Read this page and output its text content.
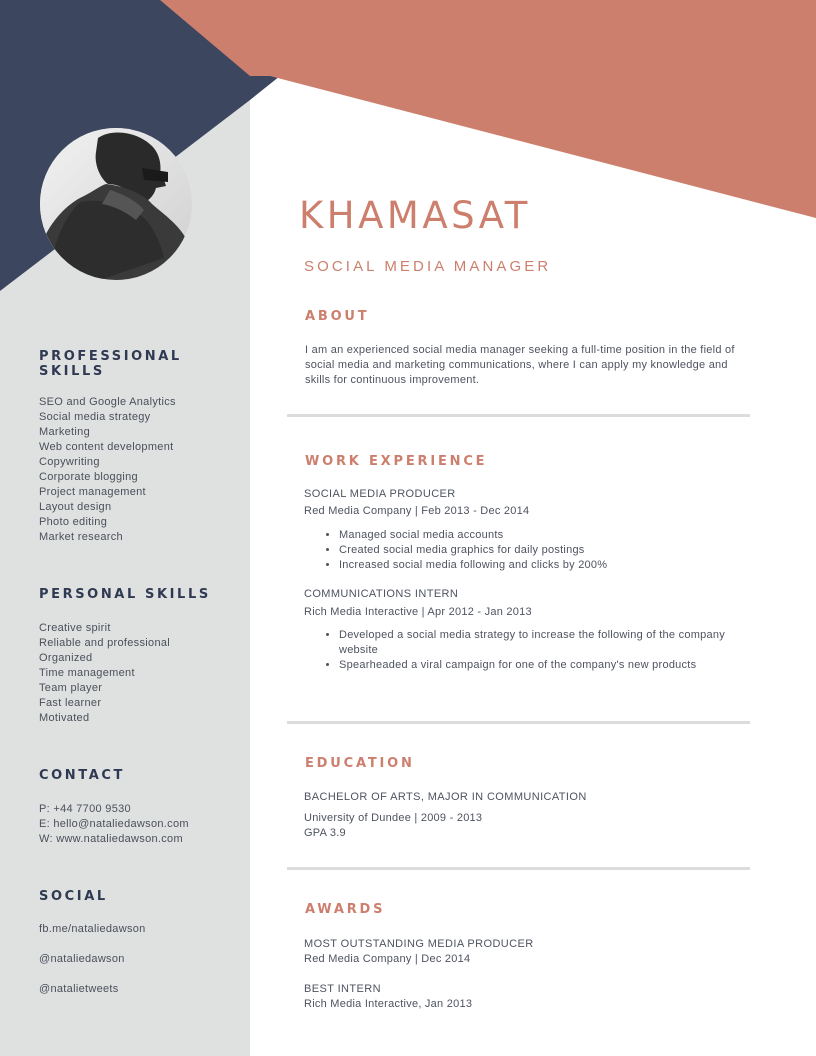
PROFESSIONAL SKILLS
SEO and Google Analytics
Social media strategy
Marketing
Web content development
Copywriting
Corporate blogging
Project management
Layout design
Photo editing
Market research
PERSONAL SKILLS
Creative spirit
Reliable and professional
Organized
Time management
Team player
Fast learner
Motivated
CONTACT

P: +44 7700 9530

E: hello@nataliedawson.com

W: www.nataliedawson.com

SOCIAL

fb.me/nataliedawson

@nataliedawson

@natalietweets

KHAMASAT
SOCIAL MEDIA MANAGER
ABOUT

I am an experienced social media manager seeking a full-time position in the field of social media and marketing communications, where I can apply my knowledge and skills for continuous improvement.

WORK EXPERIENCE
SOCIAL MEDIA PRODUCER
Red Media Company | Feb 2013 - Dec 2014
• Managed social media accounts
• Created social media graphics for daily postings
• Increased social media following and clicks by 200%
COMMUNICATIONS INTERN
Rich Media Interactive | Apr 2012 - Jan 2013
• Developed a social media strategy to increase the following of the company website
• Spearheaded a viral campaign for one of the company's new products
EDUCATION
BACHELOR OF ARTS, MAJOR IN COMMUNICATION
University of Dundee | 2009 - 2013
GPA 3.9
AWARDS
MOST OUTSTANDING MEDIA PRODUCER
Red Media Company | Dec 2014
BEST INTERN
Rich Media Interactive, Jan 2013
